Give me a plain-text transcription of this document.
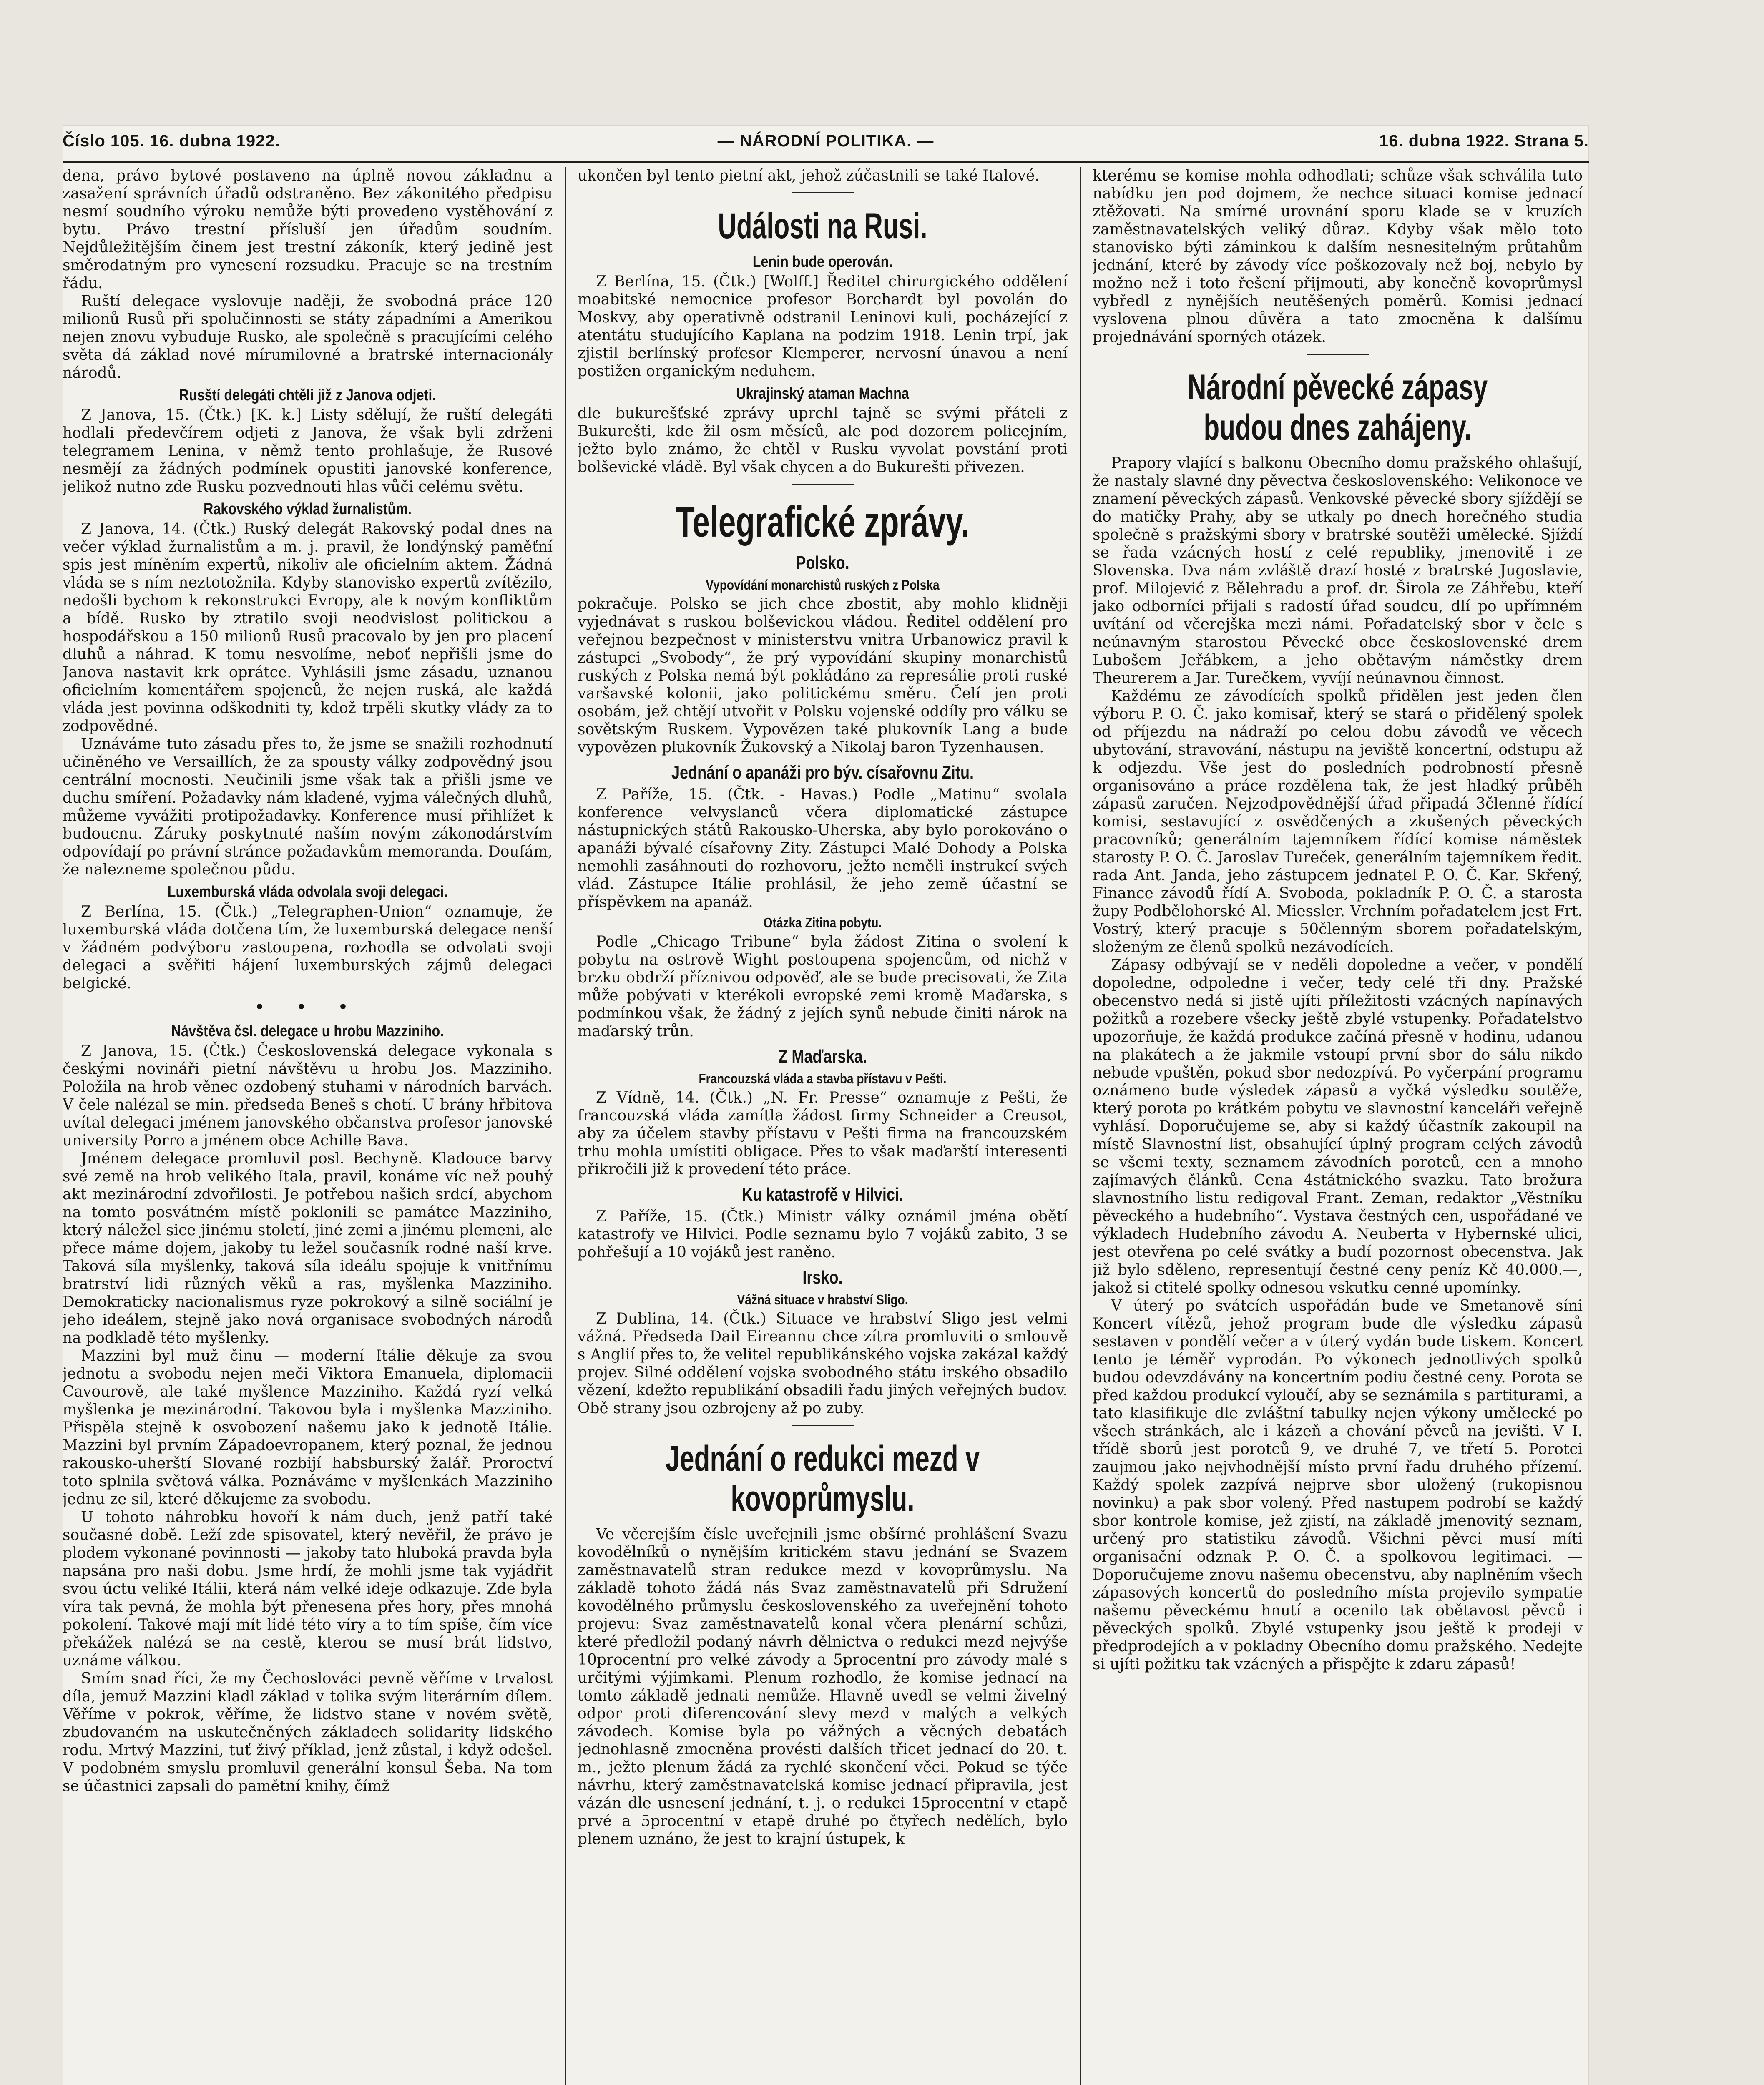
Číslo 105. 16. dubna 1922.	— NÁRODNÍ POLITIKA. —	16. dubna 1922. Strana 5.

dena, právo bytové postaveno na úplně novou základnu a zasažení správních úřadů odstraněno. Bez zákonitého předpisu nesmí soudního výroku nemůže býti provedeno vystěhování z bytu. Právo trestní přísluší jen úřadům soudním. Nejdůležitějším činem jest trestní zákoník, který jedině jest směrodatným pro vynesení rozsudku. Pracuje se na trestním řádu.

Ruští delegace vyslovuje naději, že svobodná práce 120 milionů Rusů při spolučinnosti se státy západními a Amerikou nejen znovu vybuduje Rusko, ale společně s pracujícími celého světa dá základ nové mírumilovné a bratrské internacionály národů.

Rusští delegáti chtěli již z Janova odjeti.

Z Janova, 15. (Čtk.) [K. k.] Listy sdělují, že ruští delegáti hodlali předevčírem odjeti z Janova, že však byli zdrženi telegramem Lenina, v němž tento prohlašuje, že Rusové nesmějí za žádných podmínek opustiti janovské konference, jelikož nutno zde Rusku pozvednouti hlas vůči celému světu.

Rakovského výklad žurnalistům.

Z Janova, 14. (Čtk.) Ruský delegát Rakovský podal dnes na večer výklad žurnalistům a m. j. pravil, že londýnský paměťní spis jest míněním expertů, nikoliv ale oficielním aktem. Žádná vláda se s ním neztotožnila. Kdyby stanovisko expertů zvítězilo, nedošli bychom k rekonstrukci Evropy, ale k novým konfliktům a bídě. Rusko by ztratilo svoji neodvislost politickou a hospodářskou a 150 milionů Rusů pracovalo by jen pro placení dluhů a náhrad. K tomu nesvolíme, neboť nepřišli jsme do Janova nastavit krk oprátce. Vyhlásili jsme zásadu, uznanou oficielním komentářem spojenců, že nejen ruská, ale každá vláda jest povinna odškodniti ty, kdož trpěli skutky vlády za to zodpovědné.

Uznáváme tuto zásadu přes to, že jsme se snažili rozhodnutí učiněného ve Versaillích, že za spousty války zodpovědný jsou centrální mocnosti. Neučinili jsme však tak a přišli jsme ve duchu smíření. Požadavky nám kladené, vyjma válečných dluhů, můžeme vyvážiti protipožadavky. Konference musí přihlížet k budoucnu. Záruky poskytnuté naším novým zákonodárstvím odpovídají po právní stránce požadavkům memoranda. Doufám, že nalezneme společnou půdu.

Luxemburská vláda odvolala svoji delegaci.

Z Berlína, 15. (Čtk.) „Telegraphen-Union“ oznamuje, že luxemburská vláda dotčena tím, že luxemburská delegace nenší v žádném podvýboru zastoupena, rozhodla se odvolati svoji delegaci a svěřiti hájení luxemburských zájmů delegaci belgické.

• • •
Návštěva čsl. delegace u hrobu Mazziniho.

Z Janova, 15. (Čtk.) Československá delegace vykonala s českými novináři pietní návštěvu u hrobu Jos. Mazziniho. Položila na hrob věnec ozdobený stuhami v národních barvách. V čele nalézal se min. předseda Beneš s chotí. U brány hřbitova uvítal delegaci jménem janovského občanstva profesor janovské university Porro a jménem obce Achille Bava.

Jménem delegace promluvil posl. Bechyně. Kladouce barvy své země na hrob velikého Itala, pravil, konáme víc než pouhý akt mezinárodní zdvořilosti. Je potřebou našich srdcí, abychom na tomto posvátném místě poklonili se památce Mazziniho, který náležel sice jinému století, jiné zemi a jinému plemeni, ale přece máme dojem, jakoby tu ležel současník rodné naší krve. Taková síla myšlenky, taková síla ideálu spojuje k vnitřnímu bratrství lidi různých věků a ras, myšlenka Mazziniho. Demokraticky nacionalismus ryze pokrokový a silně sociální je jeho ideálem, stejně jako nová organisace svobodných národů na podkladě této myšlenky.

Mazzini byl muž činu — moderní Itálie děkuje za svou jednotu a svobodu nejen meči Viktora Emanuela, diplomacii Cavourově, ale také myšlence Mazziniho. Každá ryzí velká myšlenka je mezinárodní. Takovou byla i myšlenka Mazziniho. Přispěla stejně k osvobození našemu jako k jednotě Itálie. Mazzini byl prvním Západoevropanem, který poznal, že jednou rakousko-uherští Slované rozbijí habsburský žalář. Proroctví toto splnila světová válka. Poznáváme v myšlenkách Mazziniho jednu ze sil, které děkujeme za svobodu.

U tohoto náhrobku hovoří k nám duch, jenž patří také současné době. Leží zde spisovatel, který nevěřil, že právo je plodem vykonané povinnosti — jakoby tato hluboká pravda byla napsána pro naši dobu. Jsme hrdí, že mohli jsme tak vyjádřit svou úctu veliké Itálii, která nám velké ideje odkazuje. Zde byla víra tak pevná, že mohla být přenesena přes hory, přes mnohá pokolení. Takové mají mít lidé této víry a to tím spíše, čím více překážek nalézá se na cestě, kterou se musí brát lidstvo, uznáme válkou.

Smím snad říci, že my Čechoslováci pevně věříme v trvalost díla, jemuž Mazzini kladl základ v tolika svým literárním dílem. Věříme v pokrok, věříme, že lidstvo stane v novém světě, zbudovaném na uskutečněných základech solidarity lidského rodu. Mrtvý Mazzini, tuť živý příklad, jenž zůstal, i když odešel. V podobném smyslu promluvil generální konsul Šeba. Na tom se účastnici zapsali do pamětní knihy, čímž

ukončen byl tento pietní akt, jehož zúčastnili se také Italové.

Události na Rusi.
Lenin bude operován.

Z Berlína, 15. (Čtk.) [Wolff.] Ředitel chirurgického oddělení moabitské nemocnice profesor Borchardt byl povolán do Moskvy, aby operativně odstranil Leninovi kuli, pocházející z atentátu studujícího Kaplana na podzim 1918. Lenin trpí, jak zjistil berlínský profesor Klemperer, nervosní únavou a není postižen organickým neduhem.

Ukrajinský ataman Machna

dle bukurešťské zprávy uprchl tajně se svými přáteli z Bukurešti, kde žil osm měsíců, ale pod dozorem policejním, ježto bylo známo, že chtěl v Rusku vyvolat povstání proti bolševické vládě. Byl však chycen a do Bukurešti přivezen.

Telegrafické zprávy.
Polsko.
Vypovídání monarchistů ruských z Polska

pokračuje. Polsko se jich chce zbostit, aby mohlo klidněji vyjednávat s ruskou bolševickou vládou. Ředitel oddělení pro veřejnou bezpečnost v ministerstvu vnitra Urbanowicz pravil k zástupci „Svobody“, že prý vypovídání skupiny monarchistů ruských z Polska nemá být pokládáno za represálie proti ruské varšavské kolonii, jako politickému směru. Čelí jen proti osobám, jež chtějí utvořit v Polsku vojenské oddíly pro válku se sovětským Ruskem. Vypovězen také plukovník Lang a bude vypovězen plukovník Žukovský a Nikolaj baron Tyzenhausen.

Jednání o apanáži pro býv. císařovnu Zitu.

Z Paříže, 15. (Čtk. - Havas.) Podle „Matinu“ svolala konference velvyslanců včera diplomatické zástupce nástupnických států Rakousko-Uherska, aby bylo porokováno o apanáži bývalé císařovny Zity. Zástupci Malé Dohody a Polska nemohli zasáhnouti do rozhovoru, ježto neměli instrukcí svých vlád. Zástupce Itálie prohlásil, že jeho země účastní se příspěvkem na apanáž.

Otázka Zitina pobytu.

Podle „Chicago Tribune“ byla žádost Zitina o svolení k pobytu na ostrově Wight postoupena spojencům, od nichž v brzku obdrží příznivou odpověď, ale se bude precisovati, že Zita může pobývati v kterékoli evropské zemi kromě Maďarska, s podmínkou však, že žádný z jejích synů nebude činiti nárok na maďarský trůn.

Z Maďarska.
Francouzská vláda a stavba přístavu v Pešti.

Z Vídně, 14. (Čtk.) „N. Fr. Presse“ oznamuje z Pešti, že francouzská vláda zamítla žádost firmy Schneider a Creusot, aby za účelem stavby přístavu v Pešti firma na francouzském trhu mohla umístiti obligace. Přes to však maďarští interesenti přikročili již k provedení této práce.

Ku katastrofě v Hilvici.

Z Paříže, 15. (Čtk.) Ministr války oznámil jména obětí katastrofy ve Hilvici. Podle seznamu bylo 7 vojáků zabito, 3 se pohřešují a 10 vojáků jest raněno.

Irsko.
Vážná situace v hrabství Sligo.

Z Dublina, 14. (Čtk.) Situace ve hrabství Sligo jest velmi vážná. Předseda Dail Eireannu chce zítra promluviti o smlouvě s Anglií přes to, že velitel republikánského vojska zakázal každý projev. Silné oddělení vojska svobodného státu irského obsadilo vězení, kdežto republikání obsadili řadu jiných veřejných budov. Obě strany jsou ozbrojeny až po zuby.

Jednání o redukci mezd v kovoprůmyslu.

Ve včerejším čísle uveřejnili jsme obšírné prohlášení Svazu kovodělníků o nynějším kritickém stavu jednání se Svazem zaměstnavatelů stran redukce mezd v kovoprůmyslu. Na základě tohoto žádá nás Svaz zaměstnavatelů při Sdružení kovodělného průmyslu československého za uveřejnění tohoto projevu: Svaz zaměstnavatelů konal včera plenární schůzi, které předložil podaný návrh dělnictva o redukci mezd nejvýše 10procentní pro velké závody a 5procentní pro závody malé s určitými výjimkami. Plenum rozhodlo, že komise jednací na tomto základě jednati nemůže. Hlavně uvedl se velmi živelný odpor proti diferencování slevy mezd v malých a velkých závodech. Komise byla po vážných a věcných debatách jednohlasně zmocněna provésti dalších třicet jednací do 20. t. m., ježto plenum žádá za rychlé skončení věci. Pokud se týče návrhu, který zaměstnavatelská komise jednací připravila, jest vázán dle usnesení jednání, t. j. o redukci 15procentní v etapě prvé a 5procentní v etapě druhé po čtyřech nedělích, bylo plenem uznáno, že jest to krajní ústupek, k

kterému se komise mohla odhodlati; schůze však schválila tuto nabídku jen pod dojmem, že nechce situaci komise jednací ztěžovati. Na smírné urovnání sporu klade se v kruzích zaměstnavatelských veliký důraz. Kdyby však mělo toto stanovisko býti záminkou k dalším nesnesitelným průtahům jednání, které by závody více poškozovaly než boj, nebylo by možno než i toto řešení přijmouti, aby konečně kovoprůmysl vybředl z nynějších neutěšených poměrů. Komisi jednací vyslovena plnou důvěra a tato zmocněna k dalšímu projednávání sporných otázek.

Národní pěvecké zápasy budou dnes zahájeny.

Prapory vlající s balkonu Obecního domu pražského ohlašují, že nastaly slavné dny pěvectva československého: Velikonoce ve znamení pěveckých zápasů. Venkovské pěvecké sbory sjíždějí se do matičky Prahy, aby se utkaly po dnech horečného studia společně s pražskými sbory v bratrské soutěži umělecké. Sjíždí se řada vzácných hostí z celé republiky, jmenovitě i ze Slovenska. Dva nám zvláště drazí hosté z bratrské Jugoslavie, prof. Milojević z Bělehradu a prof. dr. Širola ze Záhřebu, kteří jako odborníci přijali s radostí úřad soudcu, dlí po upřímném uvítání od včerejška mezi námi. Pořadatelský sbor v čele s neúnavným starostou Pěvecké obce československé drem Lubošem Jeřábkem, a jeho obětavým náměstky drem Theurerem a Jar. Turečkem, vyvíjí neúnavnou činnost.

Každému ze závodících spolků přidělen jest jeden člen výboru P. O. Č. jako komisař, který se stará o přidělený spolek od příjezdu na nádraží po celou dobu závodů ve věcech ubytování, stravování, nástupu na jeviště koncertní, odstupu až k odjezdu. Vše jest do posledních podrobností přesně organisováno a práce rozdělena tak, že jest hladký průběh zápasů zaručen. Nejzodpovědnější úřad připadá 3členné řídící komisi, sestavující z osvědčených a zkušených pěveckých pracovníků; generálním tajemníkem řídící komise náměstek starosty P. O. Č. Jaroslav Tureček, generálním tajemníkem ředit. rada Ant. Janda, jeho zástupcem jednatel P. O. Č. Kar. Skřený, Finance závodů řídí A. Svoboda, pokladník P. O. Č. a starosta župy Podbělohorské Al. Miessler. Vrchním pořadatelem jest Frt. Vostrý, který pracuje s 50členným sborem pořadatelským, složeným ze členů spolků nezávodících.

Zápasy odbývají se v neděli dopoledne a večer, v pondělí dopoledne, odpoledne i večer, tedy celé tři dny. Pražské obecenstvo nedá si jistě ujíti příležitosti vzácných napínavých požitků a rozebere všecky ještě zbylé vstupenky. Pořadatelstvo upozorňuje, že každá produkce začíná přesně v hodinu, udanou na plakátech a že jakmile vstoupí první sbor do sálu nikdo nebude vpuštěn, pokud sbor nedozpívá. Po vyčerpání programu oznámeno bude výsledek zápasů a vyčká výsledku soutěže, který porota po krátkém pobytu ve slavnostní kanceláři veřejně vyhlásí. Doporučujeme se, aby si každý účastník zakoupil na místě Slavnostní list, obsahující úplný program celých závodů se všemi texty, seznamem závodních porotců, cen a mnoho zajímavých článků. Cena 4státnického svazku. Tato brožura slavnostního listu redigoval Frant. Zeman, redaktor „Věstníku pěveckého a hudebního“. Vystava čestných cen, uspořádané ve výkladech Hudebního závodu A. Neuberta v Hybernské ulici, jest otevřena po celé svátky a budí pozornost obecenstva. Jak již bylo sděleno, representují čestné ceny peníz Kč 40.000.—, jakož si ctitelé spolky odnesou vskutku cenné upomínky.

V úterý po svátcích uspořádán bude ve Smetanově síni Koncert vítězů, jehož program bude dle výsledku zápasů sestaven v pondělí večer a v úterý vydán bude tiskem. Koncert tento je téměř vyprodán. Po výkonech jednotlivých spolků budou odevzdávány na koncertním podiu čestné ceny. Porota se před každou produkcí vyloučí, aby se seznámila s partiturami, a tato klasifikuje dle zvláštní tabulky nejen výkony umělecké po všech stránkách, ale i kázeň a chování pěvců na jevišti. V I. třídě sborů jest porotců 9, ve druhé 7, ve třetí 5. Porotci zaujmou jako nejvhodnější místo první řadu druhého přízemí. Každý spolek zazpívá nejprve sbor uložený (rukopisnou novinku) a pak sbor volený. Před nastupem podrobí se každý sbor kontrole komise, jež zjistí, na základě jmenovitý seznam, určený pro statistiku závodů. Všichni pěvci musí míti organisační odznak P. O. Č. a spolkovou legitimaci. — Doporučujeme znovu našemu obecenstvu, aby naplněním všech zápasových koncertů do posledního místa projevilo sympatie našemu pěveckému hnutí a ocenilo tak obětavost pěvců i pěveckých spolků. Zbylé vstupenky jsou ještě k prodeji v předprodejích a v pokladny Obecního domu pražského. Nedejte si ujíti požitku tak vzácných a přispějte k zdaru zápasů!
